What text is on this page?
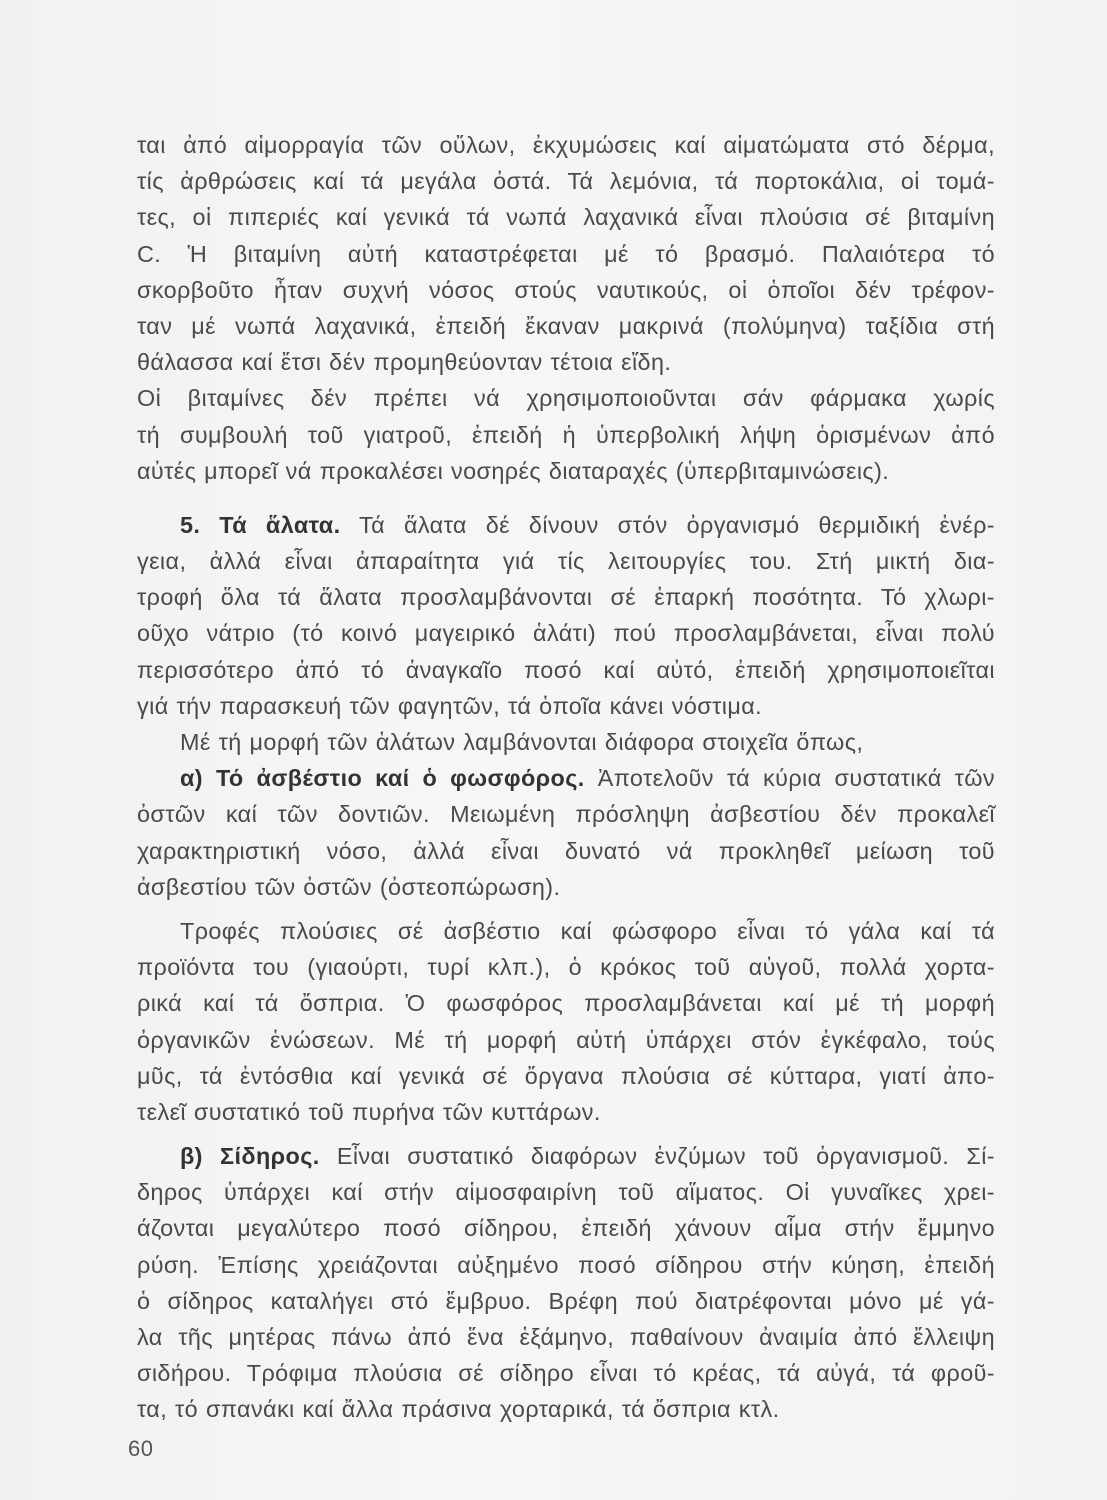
ται ἀπό αἱμορραγία τῶν οὔλων, ἐκχυμώσεις καί αἱματώματα στό δέρμα,
τίς ἀρθρώσεις καί τά μεγάλα ὀστά. Τά λεμόνια, τά πορτοκάλια, οἱ τομά-
τες, οἱ πιπεριές καί γενικά τά νωπά λαχανικά εἶναι πλούσια σέ βιταμίνη
C. Ἡ βιταμίνη αὐτή καταστρέφεται μέ τό βρασμό. Παλαιότερα τό
σκορβοῦτο ἦταν συχνή νόσος στούς ναυτικούς, οἱ ὁποῖοι δέν τρέφον-
ταν μέ νωπά λαχανικά, ἐπειδή ἔκαναν μακρινά (πολύμηνα) ταξίδια στή
θάλασσα καί ἔτσι δέν προμηθεύονταν τέτοια εἴδη.
Οἱ βιταμίνες δέν πρέπει νά χρησιμοποιοῦνται σάν φάρμακα χωρίς
τή συμβουλή τοῦ γιατροῦ, ἐπειδή ἡ ὑπερβολική λήψη ὁρισμένων ἀπό
αὐτές μπορεῖ νά προκαλέσει νοσηρές διαταραχές (ὑπερβιταμινώσεις).
5. Τά ἅλατα. Τά ἅλατα δέ δίνουν στόν ὀργανισμό θερμιδική ἐνέρ-
γεια, ἀλλά εἶναι ἀπαραίτητα γιά τίς λειτουργίες του. Στή μικτή δια-
τροφή ὅλα τά ἅλατα προσλαμβάνονται σέ ἐπαρκή ποσότητα. Τό χλωρι-
οῦχο νάτριο (τό κοινό μαγειρικό ἁλάτι) πού προσλαμβάνεται, εἶναι πολύ
περισσότερο ἀπό τό ἀναγκαῖο ποσό καί αὐτό, ἐπειδή χρησιμοποιεῖται
γιά τήν παρασκευή τῶν φαγητῶν, τά ὁποῖα κάνει νόστιμα.
Μέ τή μορφή τῶν ἁλάτων λαμβάνονται διάφορα στοιχεῖα ὅπως,
α) Τό ἀσβέστιο καί ὁ φωσφόρος. Ἀποτελοῦν τά κύρια συστατικά τῶν
ὀστῶν καί τῶν δοντιῶν. Μειωμένη πρόσληψη ἀσβεστίου δέν προκαλεῖ
χαρακτηριστική νόσο, ἀλλά εἶναι δυνατό νά προκληθεῖ μείωση τοῦ
ἀσβεστίου τῶν ὀστῶν (ὀστεοπώρωση).
Τροφές πλούσιες σέ ἀσβέστιο καί φώσφορο εἶναι τό γάλα καί τά
προϊόντα του (γιαούρτι, τυρί κλπ.), ὁ κρόκος τοῦ αὐγοῦ, πολλά χορτα-
ρικά καί τά ὄσπρια. Ὁ φωσφόρος προσλαμβάνεται καί μέ τή μορφή
ὀργανικῶν ἑνώσεων. Μέ τή μορφή αὐτή ὑπάρχει στόν ἐγκέφαλο, τούς
μῦς, τά ἐντόσθια καί γενικά σέ ὄργανα πλούσια σέ κύτταρα, γιατί ἀπο-
τελεῖ συστατικό τοῦ πυρήνα τῶν κυττάρων.
β) Σίδηρος. Εἶναι συστατικό διαφόρων ἐνζύμων τοῦ ὀργανισμοῦ. Σί-
δηρος ὑπάρχει καί στήν αἱμοσφαιρίνη τοῦ αἵματος. Οἱ γυναῖκες χρει-
άζονται μεγαλύτερο ποσό σίδηρου, ἐπειδή χάνουν αἷμα στήν ἔμμηνο
ρύση. Ἐπίσης χρειάζονται αὐξημένο ποσό σίδηρου στήν κύηση, ἐπειδή
ὁ σίδηρος καταλήγει στό ἔμβρυο. Βρέφη πού διατρέφονται μόνο μέ γά-
λα τῆς μητέρας πάνω ἀπό ἕνα ἑξάμηνο, παθαίνουν ἀναιμία ἀπό ἔλλειψη
σιδήρου. Τρόφιμα πλούσια σέ σίδηρο εἶναι τό κρέας, τά αὐγά, τά φροῦ-
τα, τό σπανάκι καί ἄλλα πράσινα χορταρικά, τά ὄσπρια κτλ.
60
